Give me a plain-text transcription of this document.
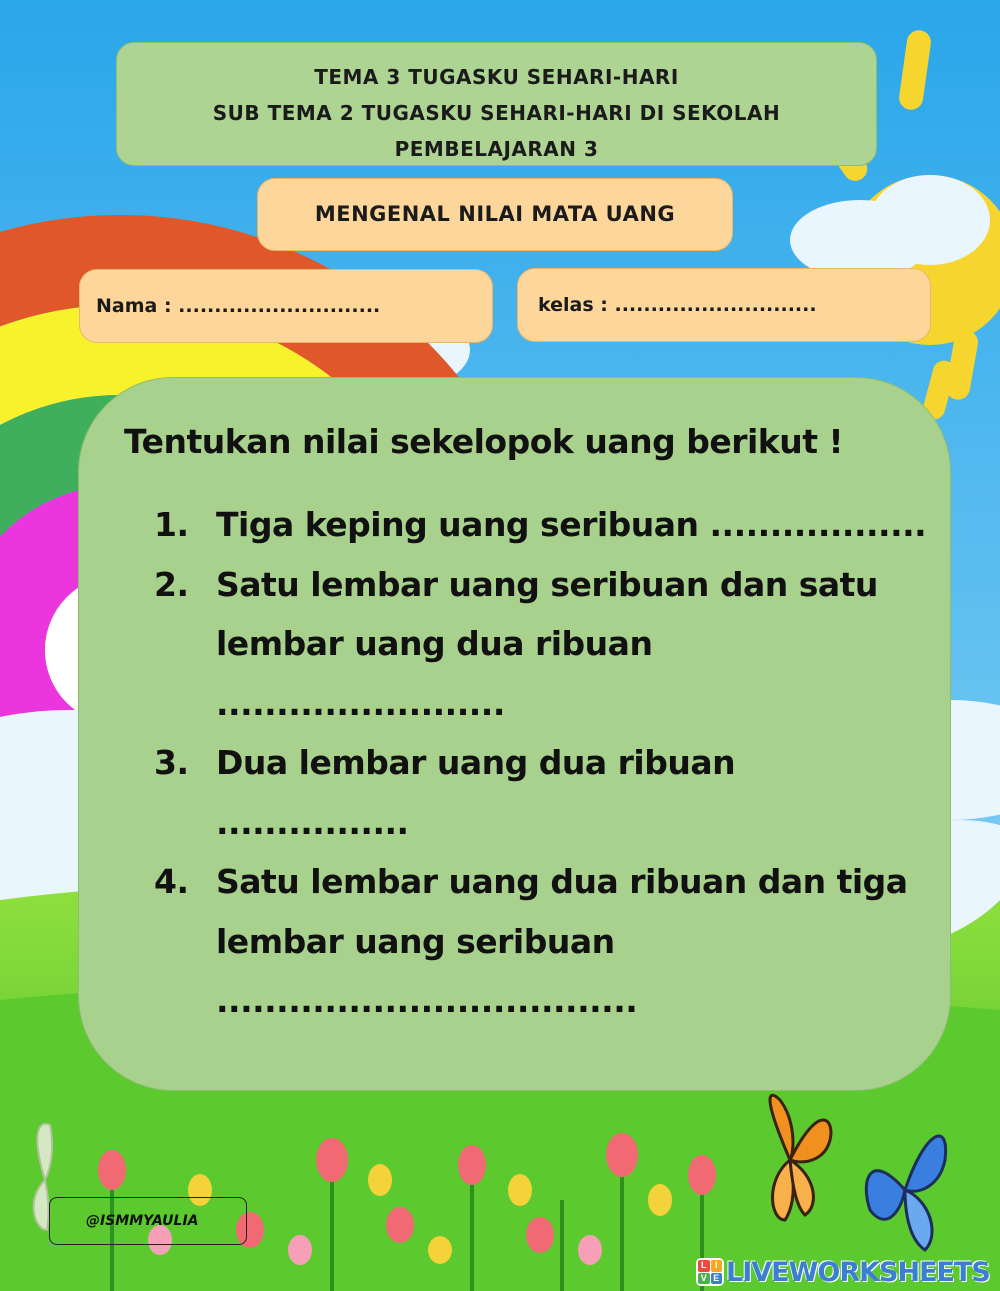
TEMA 3 TUGASKU SEHARI-HARI
SUB TEMA 2 TUGASKU SEHARI-HARI DI SEKOLAH
PEMBELAJARAN 3
MENGENAL NILAI MATA UANG
Nama : ............................	kelas : ............................
Tentukan nilai sekelopok uang berikut !
1. Tiga keping uang seribuan ..................
2. Satu lembar uang seribuan dan satu
lembar uang dua ribuan
........................
3. Dua lembar uang dua ribuan
................
4. Satu lembar uang dua ribuan dan tiga
lembar uang seribuan
...................................
@ISMMYAULIA
L I
V E LIVEWORKSHEETS
